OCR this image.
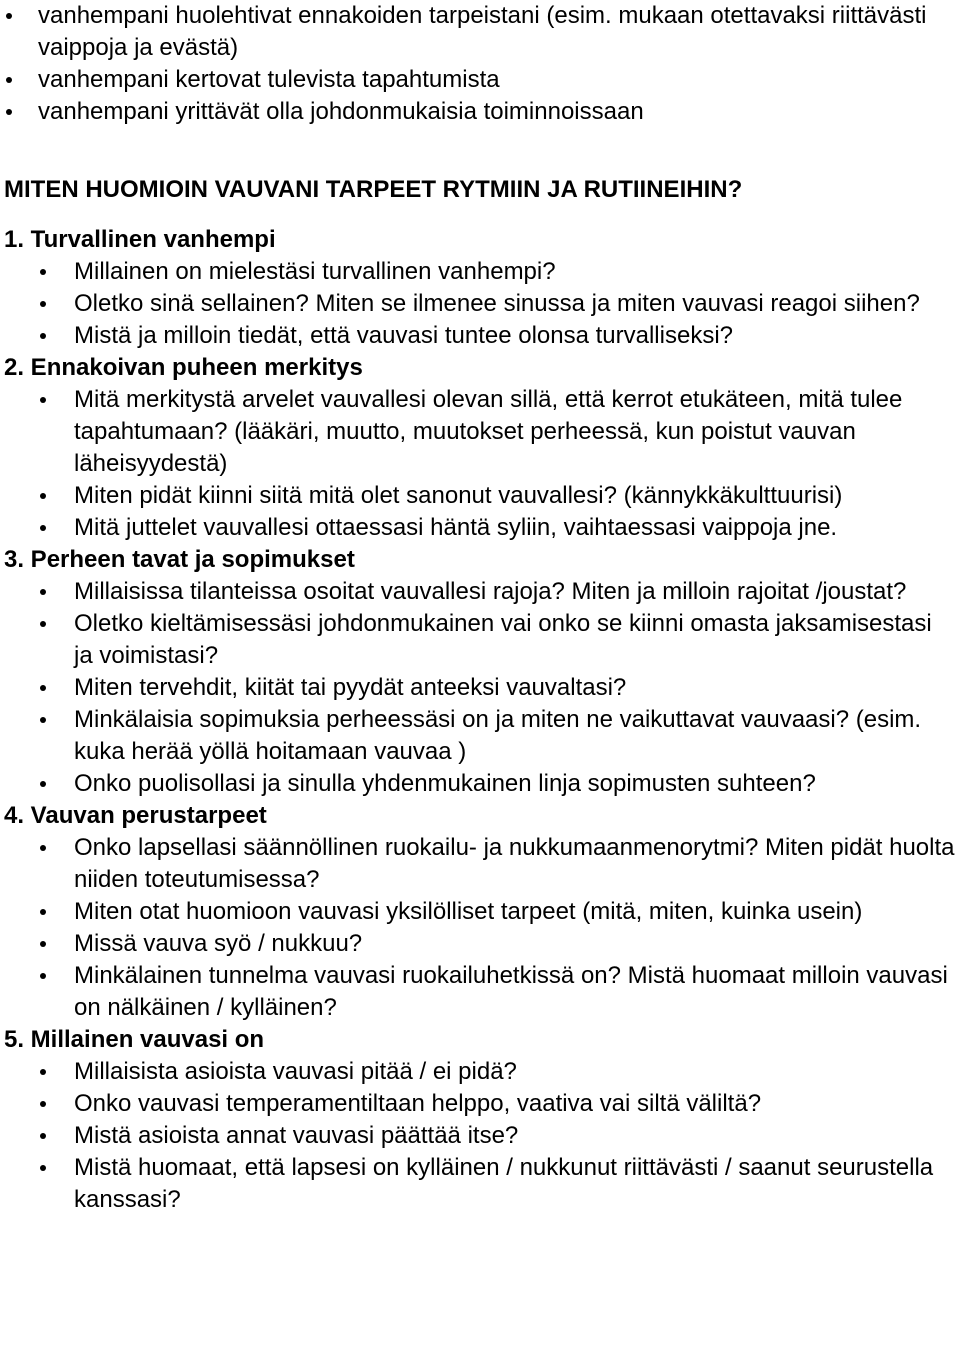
vanhempani huolehtivat ennakoiden tarpeistani (esim. mukaan otettavaksi riittävästi vaippoja ja evästä)
vanhempani kertovat tulevista tapahtumista
vanhempani yrittävät olla johdonmukaisia toiminnoissaan
MITEN HUOMIOIN VAUVANI TARPEET RYTMIIN JA RUTIINEIHIN?
1. Turvallinen vanhempi
Millainen on mielestäsi turvallinen vanhempi?
Oletko sinä sellainen? Miten se ilmenee sinussa ja miten vauvasi reagoi siihen?
Mistä ja milloin tiedät, että vauvasi tuntee olonsa turvalliseksi?
2. Ennakoivan puheen merkitys
Mitä merkitystä arvelet vauvallesi olevan sillä, että kerrot etukäteen, mitä tulee tapahtumaan? (lääkäri, muutto, muutokset perheessä, kun poistut vauvan läheisyydestä)
Miten pidät kiinni siitä mitä olet sanonut vauvallesi? (kännykkäkulttuurisi)
Mitä juttelet vauvallesi ottaessasi häntä syliin, vaihtaessasi vaippoja jne.
3. Perheen tavat ja sopimukset
Millaisissa tilanteissa osoitat vauvallesi rajoja? Miten ja milloin rajoitat /joustat?
Oletko kieltämisessäsi johdonmukainen vai onko se kiinni omasta jaksamisestasi ja voimistasi?
Miten tervehdit, kiität tai pyydät anteeksi vauvaltasi?
Minkälaisia sopimuksia perheessäsi on ja miten ne vaikuttavat vauvaasi? (esim. kuka herää yöllä hoitamaan vauvaa )
Onko puolisollasi ja sinulla yhdenmukainen linja sopimusten suhteen?
4. Vauvan perustarpeet
Onko lapsellasi säännöllinen ruokailu- ja nukkumaanmenorytmi? Miten pidät huolta niiden toteutumisessa?
Miten otat huomioon vauvasi yksilölliset tarpeet (mitä, miten, kuinka usein)
Missä vauva syö / nukkuu?
Minkälainen tunnelma vauvasi ruokailuhetkissä on? Mistä huomaat milloin vauvasi on nälkäinen / kylläinen?
5. Millainen vauvasi on
Millaisista asioista vauvasi pitää / ei pidä?
Onko vauvasi temperamentiltaan helppo, vaativa vai siltä väliltä?
Mistä asioista annat vauvasi päättää itse?
Mistä huomaat, että lapsesi on kylläinen / nukkunut riittävästi / saanut seurustella kanssasi?
